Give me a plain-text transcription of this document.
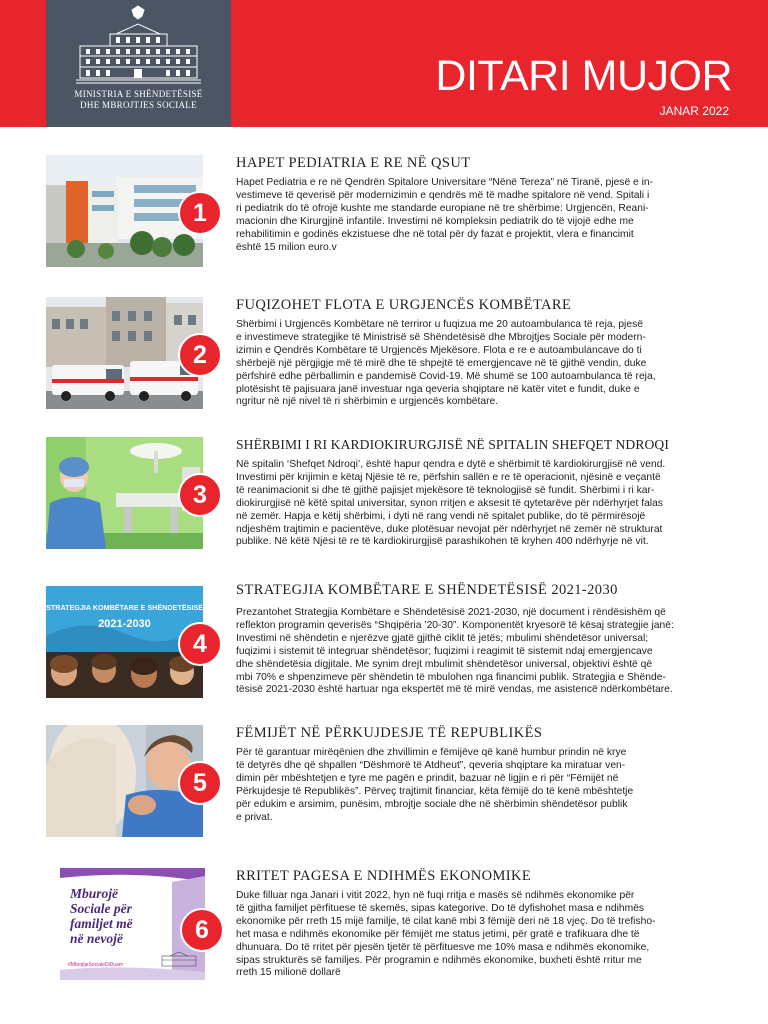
MINISTRIA E SHËNDETËSISË
DHE MBROJTJES SOCIALE
DITARI MUJOR
JANAR 2022
1
HAPET PEDIATRIA E RE NË QSUT
Hapet Pediatria e re në Qendrën Spitalore Universitare “Nënë Tereza” në Tiranë, pjesë e in-
vestimeve të qeverisë për modernizimin e qendrës më të madhe spitalore në vend. Spitali i
ri pediatrik do të ofrojë kushte me standarde europiane në tre shërbime: Urgjencën, Reani-
macionin dhe Kirurgjinë infantile. Investimi në kompleksin pediatrik do të vijojë edhe me
rehabilitimin e godinës ekzistuese dhe në total për dy fazat e projektit, vlera e financimit
është 15 milion euro.v
2
FUQIZOHET FLOTA E URGJENCËS KOMBËTARE
Shërbimi i Urgjencës Kombëtare në terriror u fuqizua me 20 autoambulanca të reja, pjesë
e investimeve strategjike të Ministrisë së Shëndetësisë dhe Mbrojtjes Sociale për modern-
izimin e Qendrës Kombëtare të Urgjencës Mjekësore. Flota e re e autoambulancave do ti
shërbejë një përgjigje më të mirë dhe të shpejtë të emergjencave në të gjithë vendin, duke
përfshirë edhe përballimin e pandemisë Covid-19. Më shumë se 100 autoambulanca të reja,
plotësisht të pajisuara janë investuar nga qeveria shqiptare në katër vitet e fundit, duke e
ngritur në një nivel të ri shërbimin e urgjencës kombëtare.
3
SHËRBIMI I RI KARDIOKIRURGJISË NË SPITALIN SHEFQET NDROQI
Në spitalin ‘Shefqet Ndroqi’, është hapur qendra e dytë e shërbimit të kardiokirurgjisë në vend.
Investimi për krijimin e këtaj Njësie të re, përfshin sallën e re të operacionit, njësinë e veçantë
të reanimacionit si dhe të gjithë pajisjet mjekësore të teknologjisë së fundit. Shërbimi i ri kar-
diokirurgjisë në këtë spital universitar, synon rritjen e aksesit të qytetarëve për ndërhyrjet falas
në zemër. Hapja e këtij shërbimi, i dyti në rang vendi në spitalet publike, do të përmirësojë
ndjeshëm trajtimin e pacientëve, duke plotësuar nevojat për ndërhyrjet në zemër në strukturat
publike. Në këtë Njësi të re të kardiokirurgjisë parashikohen të kryhen 400 ndërhyrje në vit.
STRATEGJIA KOMBËTARE E SHËNDETËSISË
2021-2030
4
STRATEGJIA KOMBËTARE E SHËNDETËSISË 2021-2030
Prezantohet Strategjia Kombëtare e Shëndetësisë 2021-2030, një document i rëndësishëm që
reflekton programin qeverisës “Shqipëria ’20-30”. Komponentët kryesorë të kësaj strategjie janë:
Investimi në shëndetin e njerëzve gjatë gjithë ciklit të jetës; mbulimi shëndetësor universal;
fuqizimi i sistemit të integruar shëndetësor; fuqizimi i reagimit të sistemit ndaj emergjencave
dhe shëndetësia digjitale. Me synim drejt mbulimit shëndetësor universal, objektivi është që
mbi 70% e shpenzimeve për shëndetin të mbulohen nga financimi publik. Strategjia e Shënde-
tësisë 2021-2030 është hartuar nga ekspertët më të mirë vendas, me asistencë ndërkombëtare.
5
FËMIJËT NË PËRKUJDESJE TË REPUBLIKËS
Për të garantuar mirëqënien dhe zhvillimin e fëmijëve që kanë humbur prindin në krye
të detyrës dhe që shpallen “Dëshmorë të Atdheut”, qeveria shqiptare ka miratuar ven-
dimin për mbështetjen e tyre me pagën e prindit, bazuar në ligjin e ri për “Fëmijët në
Përkujdesje të Republikës”. Përveç trajtimit financiar, këta fëmijë do të kenë mbështetje
për edukim e arsimim, punësim, mbrojtje sociale dhe në shërbimin shëndetësor publik
e privat.
Mburojë
Sociale për
familjet më
në nevojë
#MbrojtjeSocialeDiDuam
6
RRITET PAGESA E NDIHMËS EKONOMIKE
Duke filluar nga Janari i vitit 2022, hyn në fuqi rritja e masës së ndihmës ekonomike për
të gjitha familjet përfituese të skemës, sipas kategorive. Do të dyfishohet masa e ndihmës
ekonomike për rreth 15 mijë familje, të cilat kanë mbi 3 fëmijë deri në 18 vjeç. Do të trefisho-
het masa e ndihmës ekonomike për fëmijët me status jetimi, për gratë e trafikuara dhe të
dhunuara. Do të rritet për pjesën tjetër të përfituesve me 10% masa e ndihmës ekonomike,
sipas strukturës së familjes. Për programin e ndihmës ekonomike, buxheti është rritur me
rreth 15 milionë dollarë
